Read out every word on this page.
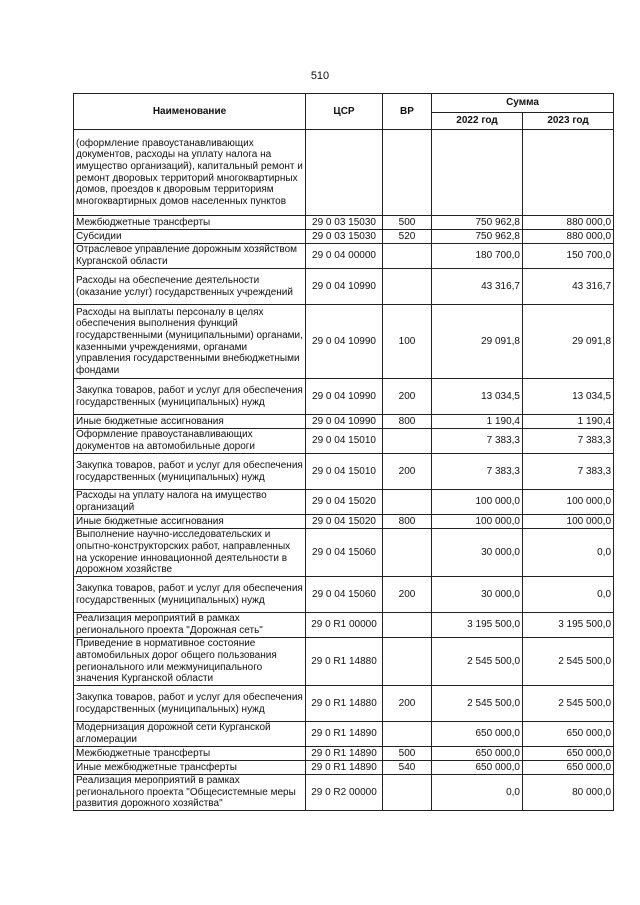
510
Наименование	ЦСР	ВР	Сумма	
			2022 год	2023 год
(оформление правоустанавливающих документов, расходы на уплату налога на имущество организаций), капитальный ремонт и ремонт дворовых территорий многоквартирных домов, проездов к дворовым территориям многоквартирных домов населенных пунктов				
Межбюджетные трансферты	29 0 03 15030	500	750 962,8	880 000,0
Субсидии	29 0 03 15030	520	750 962,8	880 000,0
Отраслевое управление дорожным хозяйством Курганской области	29 0 04 00000		180 700,0	150 700,0
Расходы на обеспечение деятельности (оказание услуг) государственных учреждений	29 0 04 10990		43 316,7	43 316,7
Расходы на выплаты персоналу в целях обеспечения выполнения функций государственными (муниципальными) органами, казенными учреждениями, органами управления государственными внебюджетными фондами	29 0 04 10990	100	29 091,8	29 091,8
Закупка товаров, работ и услуг для обеспечения государственных (муниципальных) нужд	29 0 04 10990	200	13 034,5	13 034,5
Иные бюджетные ассигнования	29 0 04 10990	800	1 190,4	1 190,4
Оформление правоустанавливающих документов на автомобильные дороги	29 0 04 15010		7 383,3	7 383,3
Закупка товаров, работ и услуг для обеспечения государственных (муниципальных) нужд	29 0 04 15010	200	7 383,3	7 383,3
Расходы на уплату налога на имущество организаций	29 0 04 15020		100 000,0	100 000,0
Иные бюджетные ассигнования	29 0 04 15020	800	100 000,0	100 000,0
Выполнение научно-исследовательских и опытно-конструкторских работ, направленных на ускорение инновационной деятельности в дорожном хозяйстве	29 0 04 15060		30 000,0	0,0
Закупка товаров, работ и услуг для обеспечения государственных (муниципальных) нужд	29 0 04 15060	200	30 000,0	0,0
Реализация мероприятий в рамках регионального проекта "Дорожная сеть"	29 0 R1 00000		3 195 500,0	3 195 500,0
Приведение в нормативное состояние автомобильных дорог общего пользования регионального или межмуниципального значения Курганской области	29 0 R1 14880		2 545 500,0	2 545 500,0
Закупка товаров, работ и услуг для обеспечения государственных (муниципальных) нужд	29 0 R1 14880	200	2 545 500,0	2 545 500,0
Модернизация дорожной сети Курганской агломерации	29 0 R1 14890		650 000,0	650 000,0
Межбюджетные трансферты	29 0 R1 14890	500	650 000,0	650 000,0
Иные межбюджетные трансферты	29 0 R1 14890	540	650 000,0	650 000,0
Реализация мероприятий в рамках регионального проекта "Общесистемные меры развития дорожного хозяйства"	29 0 R2 00000		0,0	80 000,0
